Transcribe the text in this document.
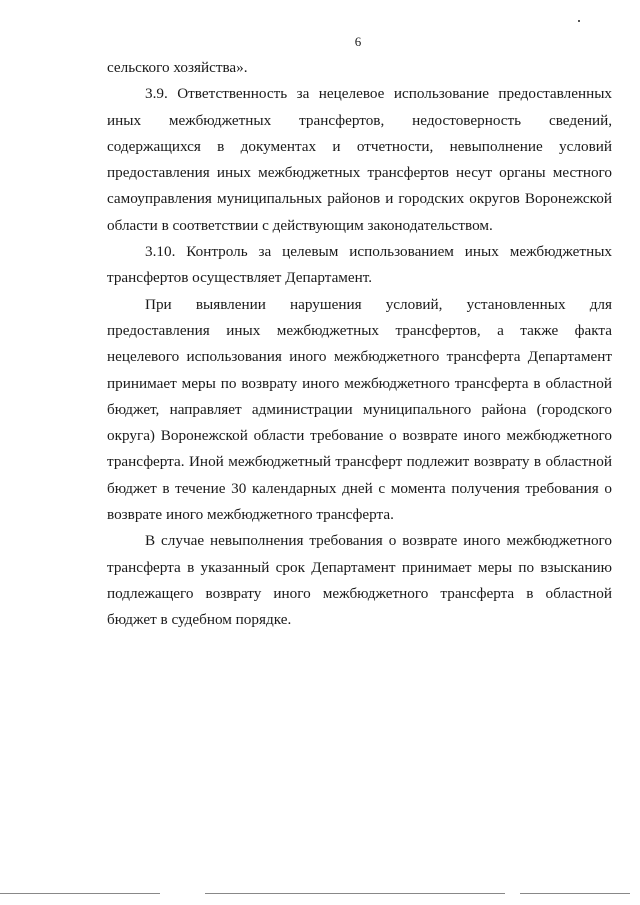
6

сельского хозяйства».

3.9. Ответственность за нецелевое использование предоставленных иных межбюджетных трансфертов, недостоверность сведений, содержащихся в документах и отчетности, невыполнение условий предоставления иных межбюджетных трансфертов несут органы местного самоуправления муниципальных районов и городских округов Воронежской области в соответствии с действующим законодательством.

3.10. Контроль за целевым использованием иных межбюджетных трансфертов осуществляет Департамент.

При выявлении нарушения условий, установленных для предоставления иных межбюджетных трансфертов, а также факта нецелевого использования иного межбюджетного трансферта Департамент принимает меры по возврату иного межбюджетного трансферта в областной бюджет, направляет администрации муниципального района (городского округа) Воронежской области требование о возврате иного межбюджетного трансферта. Иной межбюджетный трансферт подлежит возврату в областной бюджет в течение 30 календарных дней с момента получения требования о возврате иного межбюджетного трансферта.

В случае невыполнения требования о возврате иного межбюджетного трансферта в указанный срок Департамент принимает меры по взысканию подлежащего возврату иного межбюджетного трансферта в областной бюджет в судебном порядке.
